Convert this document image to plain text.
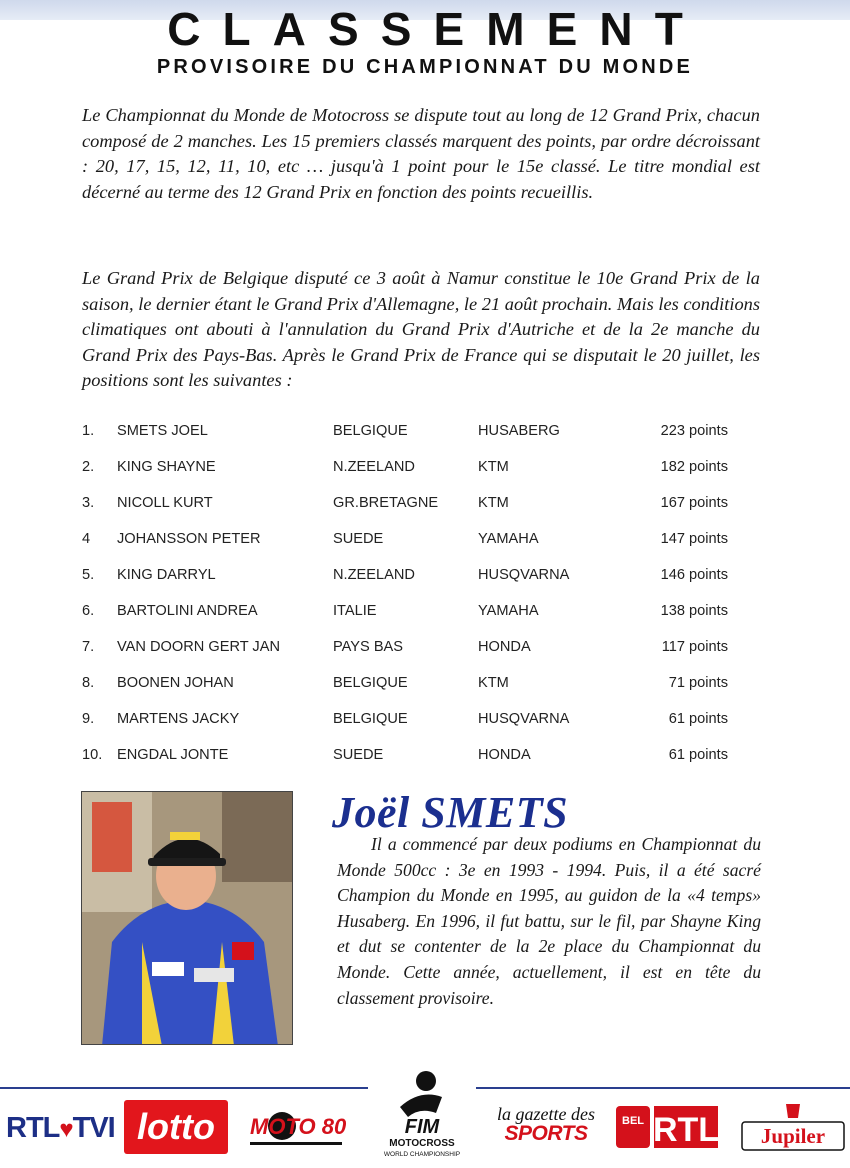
CLASSEMENT
PROVISOIRE DU CHAMPIONNAT DU MONDE

Le Championnat du Monde de Motocross se dispute tout au long de 12 Grand Prix, chacun composé de 2 manches. Les 15 premiers classés marquent des points, par ordre décroissant : 20, 17, 15, 12, 11, 10, etc … jusqu'à 1 point pour le 15e classé. Le titre mondial est décerné au terme des 12 Grand Prix en fonction des points recueillis.

Le Grand Prix de Belgique disputé ce 3 août à Namur constitue le 10e Grand Prix de la saison, le dernier étant le Grand Prix d'Allemagne, le 21 août prochain. Mais les conditions climatiques ont abouti à l'annulation du Grand Prix d'Autriche et de la 2e manche du Grand Prix des Pays-Bas. Après le Grand Prix de France qui se disputait le 20 juillet, les positions sont les suivantes :

1. SMETS JOEL	BELGIQUE	HUSABERG	223 points
2. KING SHAYNE	N.ZEELAND	KTM	182 points
3. NICOLL KURT	GR.BRETAGNE	KTM	167 points
4 JOHANSSON PETER	SUEDE	YAMAHA	147 points
5. KING DARRYL	N.ZEELAND	HUSQVARNA	146 points
6. BARTOLINI ANDREA	ITALIE	YAMAHA	138 points
7. VAN DOORN GERT JAN	PAYS BAS	HONDA	117 points
8. BOONEN JOHAN	BELGIQUE	KTM	71 points
9. MARTENS JACKY	BELGIQUE	HUSQVARNA	61 points
10. ENGDAL JONTE	SUEDE	HONDA	61 points
Joël SMETS

Il a commencé par deux podiums en Championnat du Monde 500cc : 3e en 1993 - 1994. Puis, il a été sacré Champion du Monde en 1995, au guidon de la «4 temps» Husaberg. En 1996, il fut battu, sur le fil, par Shayne King et dut se contenter de la 2e place du Championnat du Monde. Cette année, actuellement, il est en tête du classement provisoire.

RTL♥TVI lotto	MOTO 80	FIM
MOTOCROSS
WORLD CHAMPIONSHIP
la gazette des
SPORTS
BEL RTL Jupiler
